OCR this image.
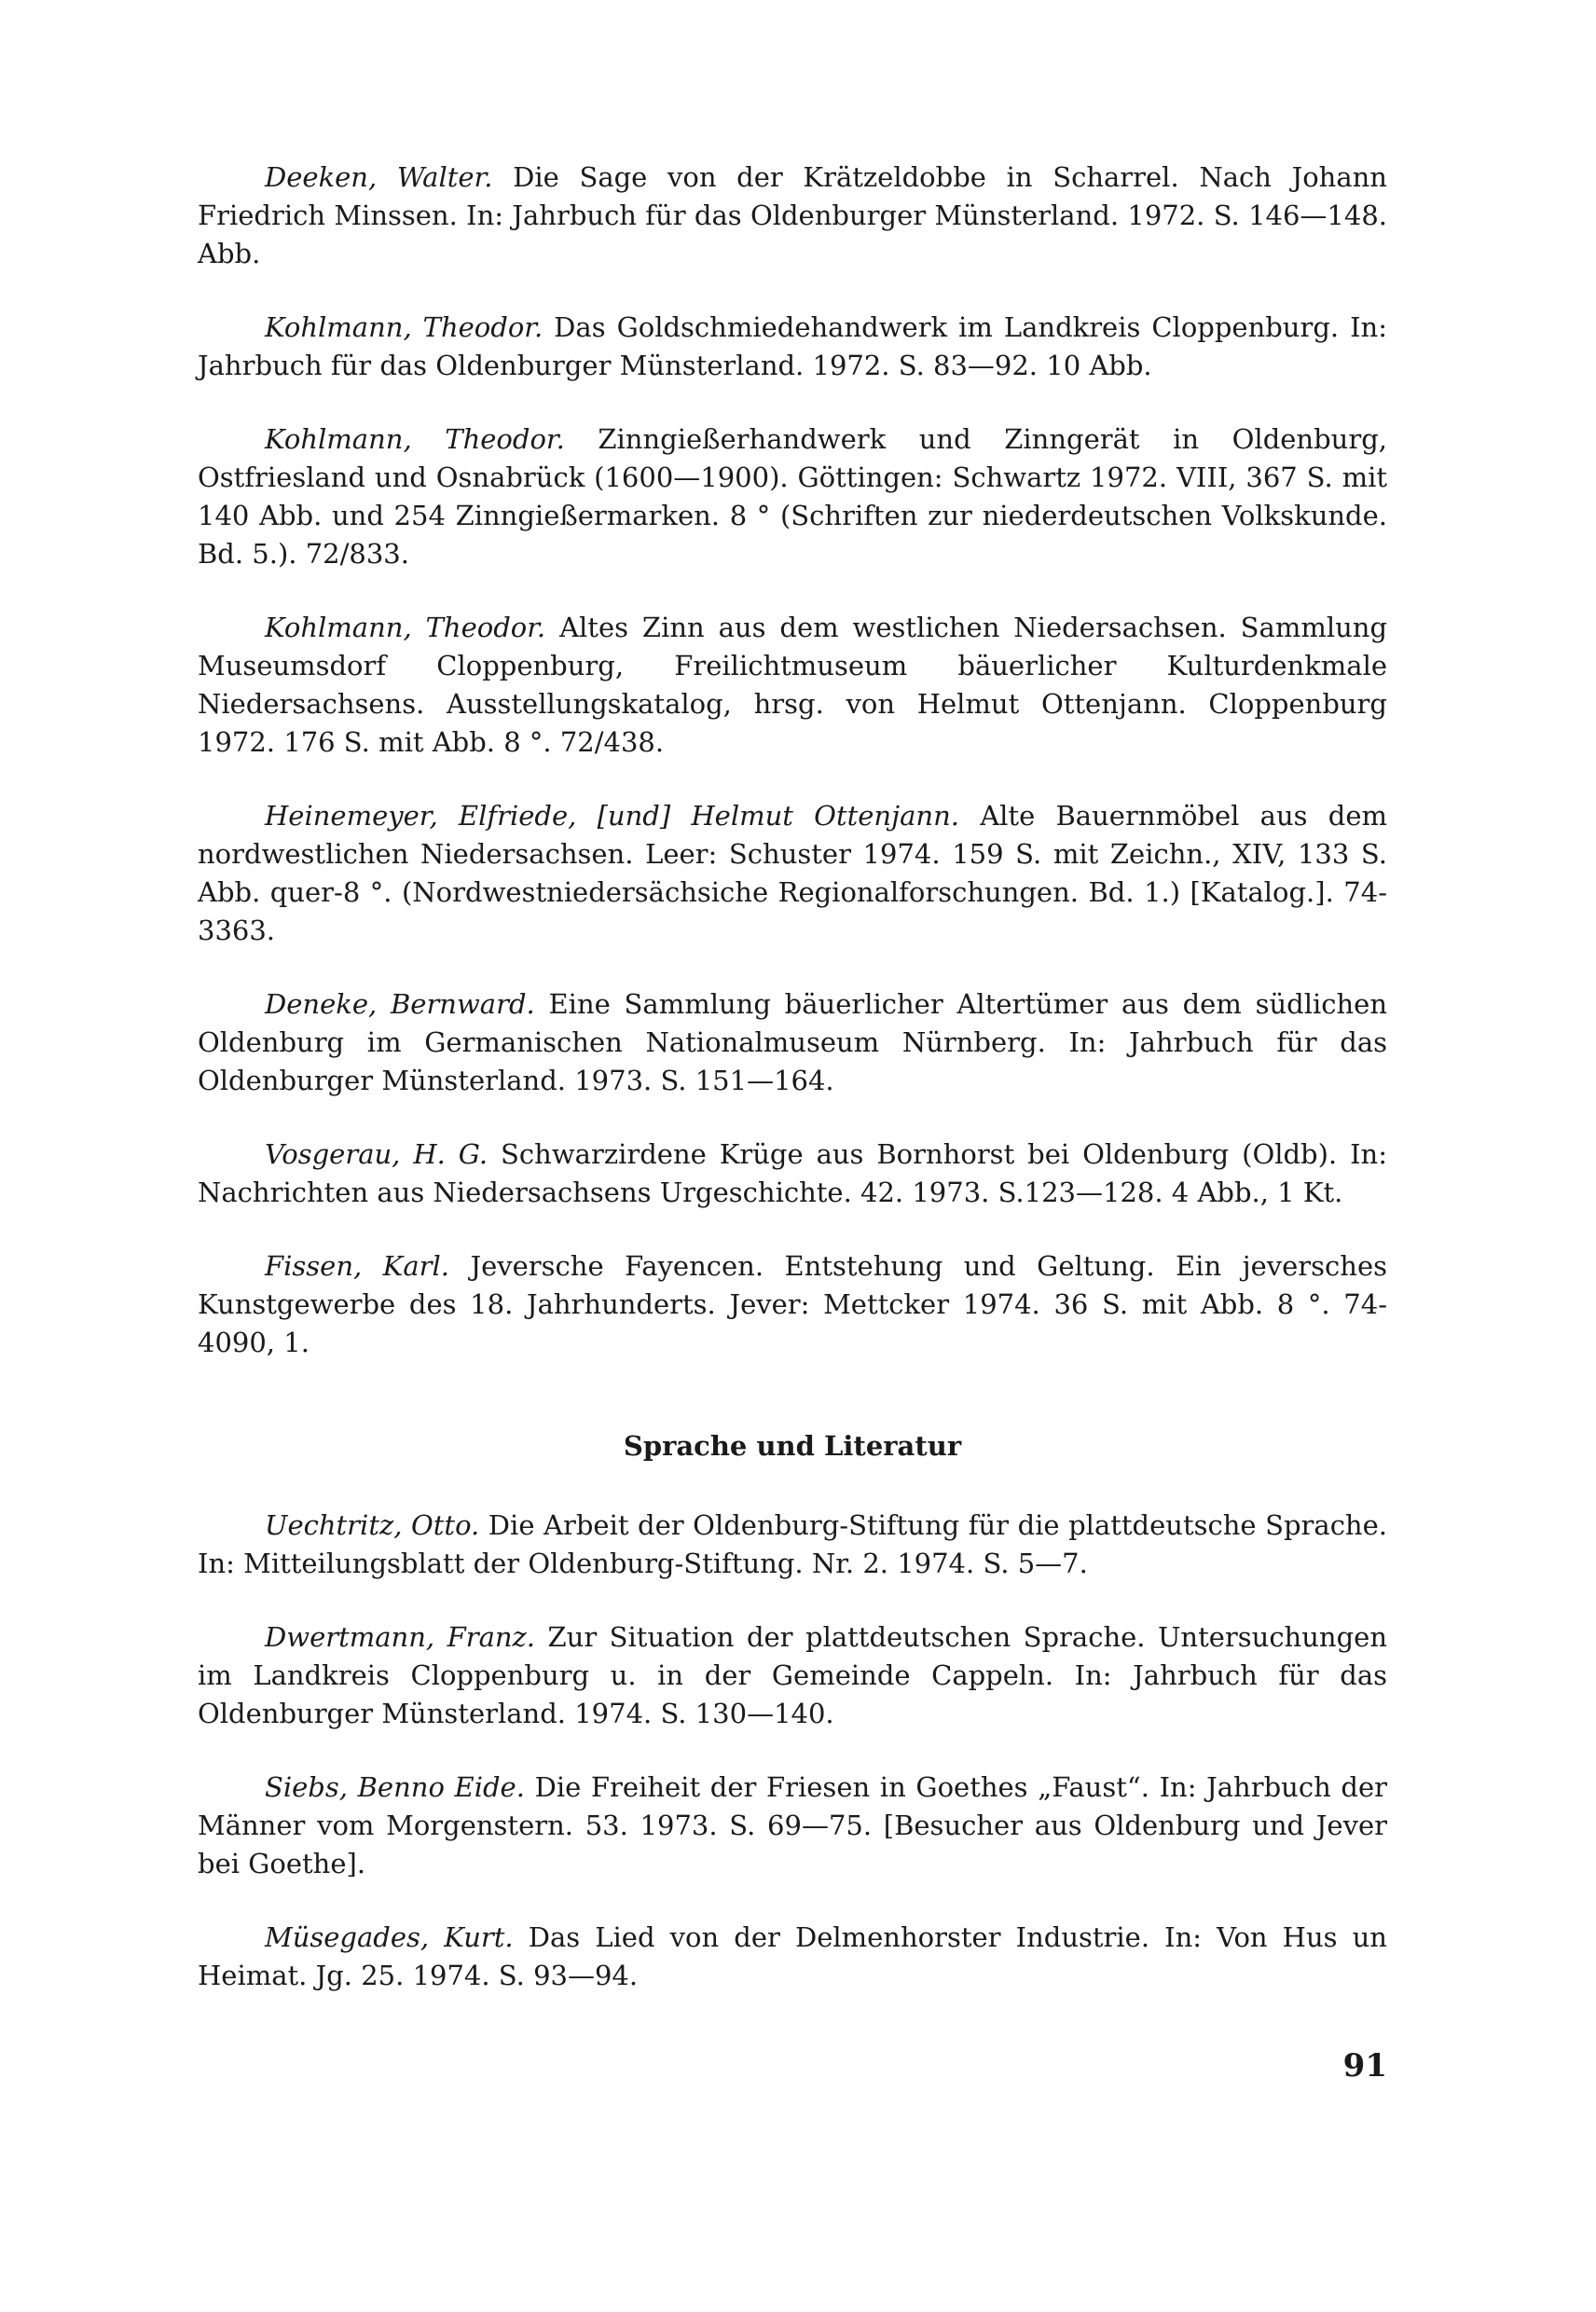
Deeken, Walter. Die Sage von der Krätzeldobbe in Scharrel. Nach Johann Friedrich Minssen. In: Jahrbuch für das Oldenburger Münsterland. 1972. S. 146—148. Abb.

Kohlmann, Theodor. Das Goldschmiedehandwerk im Landkreis Cloppenburg. In: Jahrbuch für das Oldenburger Münsterland. 1972. S. 83—92. 10 Abb.

Kohlmann, Theodor. Zinngießerhandwerk und Zinngerät in Oldenburg, Ostfriesland und Osnabrück (1600—1900). Göttingen: Schwartz 1972. VIII, 367 S. mit 140 Abb. und 254 Zinngießermarken. 8 ° (Schriften zur niederdeutschen Volkskunde. Bd. 5.). 72/833.

Kohlmann, Theodor. Altes Zinn aus dem westlichen Niedersachsen. Sammlung Museumsdorf Cloppenburg, Freilichtmuseum bäuerlicher Kulturdenkmale Niedersachsens. Ausstellungskatalog, hrsg. von Helmut Ottenjann. Cloppenburg 1972. 176 S. mit Abb. 8 °. 72/438.

Heinemeyer, Elfriede, [und] Helmut Ottenjann. Alte Bauernmöbel aus dem nordwestlichen Niedersachsen. Leer: Schuster 1974. 159 S. mit Zeichn., XIV, 133 S. Abb. quer-8 °. (Nordwestniedersächsiche Regionalforschungen. Bd. 1.) [Katalog.]. 74-3363.

Deneke, Bernward. Eine Sammlung bäuerlicher Altertümer aus dem südlichen Oldenburg im Germanischen Nationalmuseum Nürnberg. In: Jahrbuch für das Oldenburger Münsterland. 1973. S. 151—164.

Vosgerau, H. G. Schwarzirdene Krüge aus Bornhorst bei Oldenburg (Oldb). In: Nachrichten aus Niedersachsens Urgeschichte. 42. 1973. S.123—128. 4 Abb., 1 Kt.

Fissen, Karl. Jeversche Fayencen. Entstehung und Geltung. Ein jeversches Kunstgewerbe des 18. Jahrhunderts. Jever: Mettcker 1974. 36 S. mit Abb. 8 °. 74-4090, 1.

Sprache und Literatur

Uechtritz, Otto. Die Arbeit der Oldenburg-Stiftung für die plattdeutsche Sprache. In: Mitteilungsblatt der Oldenburg-Stiftung. Nr. 2. 1974. S. 5—7.

Dwertmann, Franz. Zur Situation der plattdeutschen Sprache. Untersuchungen im Landkreis Cloppenburg u. in der Gemeinde Cappeln. In: Jahrbuch für das Oldenburger Münsterland. 1974. S. 130—140.

Siebs, Benno Eide. Die Freiheit der Friesen in Goethes „Faust“. In: Jahrbuch der Männer vom Morgenstern. 53. 1973. S. 69—75. [Besucher aus Oldenburg und Jever bei Goethe].

Müsegades, Kurt. Das Lied von der Delmenhorster Industrie. In: Von Hus un Heimat. Jg. 25. 1974. S. 93—94.

91
